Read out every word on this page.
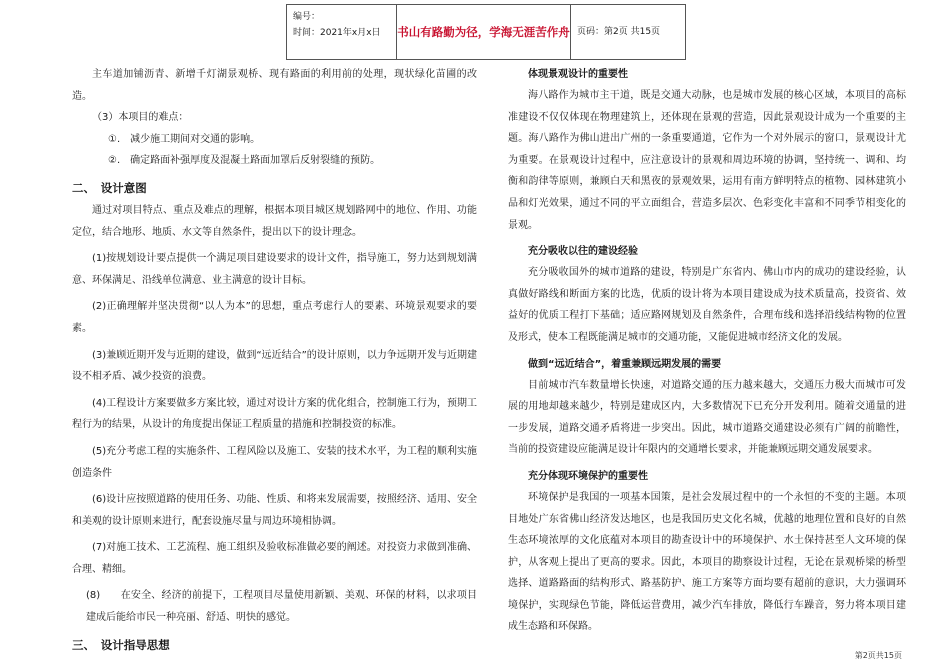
编号：
时间：2021年x月x日	书山有路勤为径，学海无涯苦作舟 页码：第2页 共15页

主车道加铺沥青、新增千灯湖景观桥、现有路面的利用前的处理，现状绿化苗圃的改造。

（3）本项目的难点：

①.　减少施工期间对交通的影响。

②.　确定路面补强厚度及混凝土路面加罩后反射裂缝的预防。

二、　设计意图

通过对项目特点、重点及难点的理解，根据本项目城区规划路网中的地位、作用、功能定位，结合地形、地质、水文等自然条件，提出以下的设计理念。

(1)按规划设计要点提供一个满足项目建设要求的设计文件，指导施工，努力达到规划满意、环保满足、沿线单位满意、业主满意的设计目标。

(2)正确理解并坚决贯彻“以人为本”的思想，重点考虑行人的要素、环境景观要求的要素。

(3)兼顾近期开发与近期的建设，做到“远近结合”的设计原则，以力争远期开发与近期建设不相矛盾、减少投资的浪费。

(4)工程设计方案要做多方案比较，通过对设计方案的优化组合，控制施工行为，预期工程行为的结果，从设计的角度提出保证工程质量的措施和控制投资的标准。

(5)充分考虑工程的实施条件、工程风险以及施工、安装的技术水平，为工程的顺利实施创造条件

(6)设计应按照道路的使用任务、功能、性质、和将来发展需要，按照经济、适用、安全和美观的设计原则来进行，配套设施尽量与周边环境相协调。

(7)对施工技术、工艺流程、施工组织及验收标准做必要的阐述。对投资力求做到准确、合理、精细。

(8)　　 在安全、经济的前提下，工程项目尽量使用新颖、美观、环保的材料，以求项目建成后能给市民一种亮丽、舒适、明快的感觉。

三、　设计指导思想

体现景观设计的重要性

海八路作为城市主干道，既是交通大动脉，也是城市发展的核心区域，本项目的高标准建设不仅仅体现在物理建筑上，还体现在景观的营造，因此景观设计成为一个重要的主题。海八路作为佛山进出广州的一条重要通道，它作为一个对外展示的窗口，景观设计尤为重要。在景观设计过程中，应注意设计的景观和周边环境的协调，坚持统一、调和、均衡和韵律等原则，兼顾白天和黑夜的景观效果，运用有南方鲜明特点的植物、园林建筑小品和灯光效果，通过不同的平立面组合，营造多层次、色彩变化丰富和不同季节相变化的景观。

充分吸收以往的建设经验

充分吸收国外的城市道路的建设，特别是广东省内、佛山市内的成功的建设经验，认真做好路线和断面方案的比选，优质的设计将为本项目建设成为技术质量高，投资省、效益好的优质工程打下基础；适应路网规划及自然条件，合理布线和选择沿线结构物的位置及形式，使本工程既能满足城市的交通功能，又能促进城市经济文化的发展。

做到“远近结合”，着重兼顾远期发展的需要

目前城市汽车数量增长快速，对道路交通的压力越来越大，交通压力极大而城市可发展的用地却越来越少，特别是建成区内，大多数情况下已充分开发利用。随着交通量的进一步发展，道路交通矛盾将进一步突出。因此，城市道路交通建设必须有广阔的前瞻性，当前的投资建设应能满足设计年限内的交通增长要求，并能兼顾远期交通发展要求。

充分体现环境保护的重要性

环境保护是我国的一项基本国策，是社会发展过程中的一个永恒的不变的主题。本项目地处广东省佛山经济发达地区，也是我国历史文化名城，优越的地理位置和良好的自然生态环境浓厚的文化底蕴对本项目的勘查设计中的环境保护、水土保持甚至人文环境的保护，从客观上提出了更高的要求。因此，本项目的勘察设计过程，无论在景观桥梁的桥型选择、道路路面的结构形式、路基防护、施工方案等方面均要有超前的意识，大力强调环境保护，实现绿色节能，降低运营费用，减少汽车排放，降低行车躁音，努力将本项目建成生态路和环保路。

第2页共15页
